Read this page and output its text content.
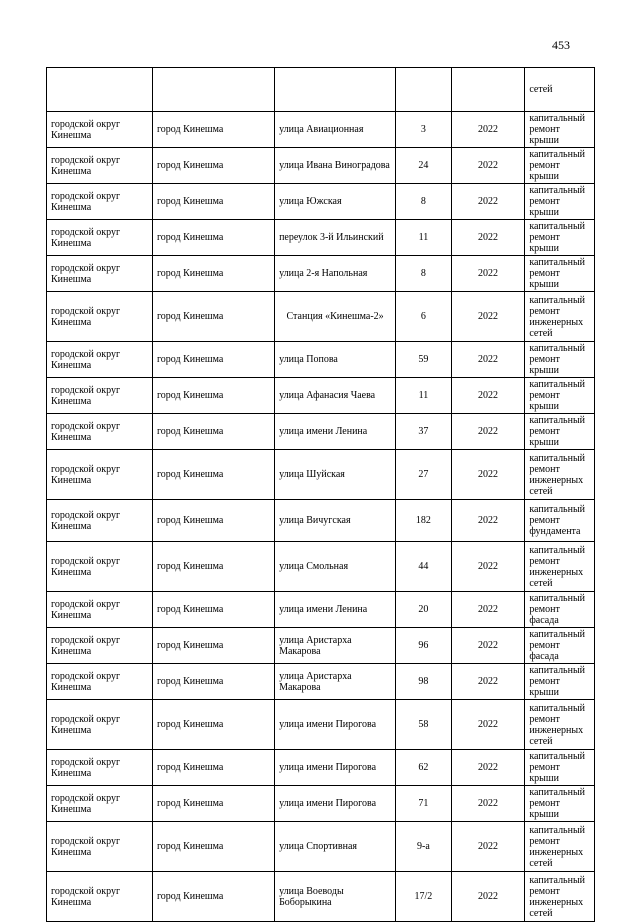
453
					сетей
городской округ Кинешма	город Кинешма	улица Авиационная	3	2022	капитальный ремонт крыши
городской округ Кинешма	город Кинешма	улица Ивана Виноградова	24	2022	капитальный ремонт крыши
городской округ Кинешма	город Кинешма	улица Южская	8	2022	капитальный ремонт крыши
городской округ Кинешма	город Кинешма	переулок 3-й Ильинский	11	2022	капитальный ремонт крыши
городской округ Кинешма	город Кинешма	улица 2-я Напольная	8	2022	капитальный ремонт крыши
городской округ Кинешма	город Кинешма	Станция «Кинешма-2»	6	2022	капитальный ремонт инженерных сетей
городской округ Кинешма	город Кинешма	улица Попова	59	2022	капитальный ремонт крыши
городской округ Кинешма	город Кинешма	улица Афанасия Чаева	11	2022	капитальный ремонт крыши
городской округ Кинешма	город Кинешма	улица имени Ленина	37	2022	капитальный ремонт крыши
городской округ Кинешма	город Кинешма	улица Шуйская	27	2022	капитальный ремонт инженерных сетей
городской округ Кинешма	город Кинешма	улица Вичугская	182	2022	капитальный ремонт фундамента
городской округ Кинешма	город Кинешма	улица Смольная	44	2022	капитальный ремонт инженерных сетей
городской округ Кинешма	город Кинешма	улица имени Ленина	20	2022	капитальный ремонт фасада
городской округ Кинешма	город Кинешма	улица Аристарха Макарова	96	2022	капитальный ремонт фасада
городской округ Кинешма	город Кинешма	улица Аристарха Макарова	98	2022	капитальный ремонт крыши
городской округ Кинешма	город Кинешма	улица имени Пирогова	58	2022	капитальный ремонт инженерных сетей
городской округ Кинешма	город Кинешма	улица имени Пирогова	62	2022	капитальный ремонт крыши
городской округ Кинешма	город Кинешма	улица имени Пирогова	71	2022	капитальный ремонт крыши
городской округ Кинешма	город Кинешма	улица Спортивная	9-а	2022	капитальный ремонт инженерных сетей
городской округ Кинешма	город Кинешма	улица Воеводы Боборыкина	17/2	2022	капитальный ремонт инженерных сетей
